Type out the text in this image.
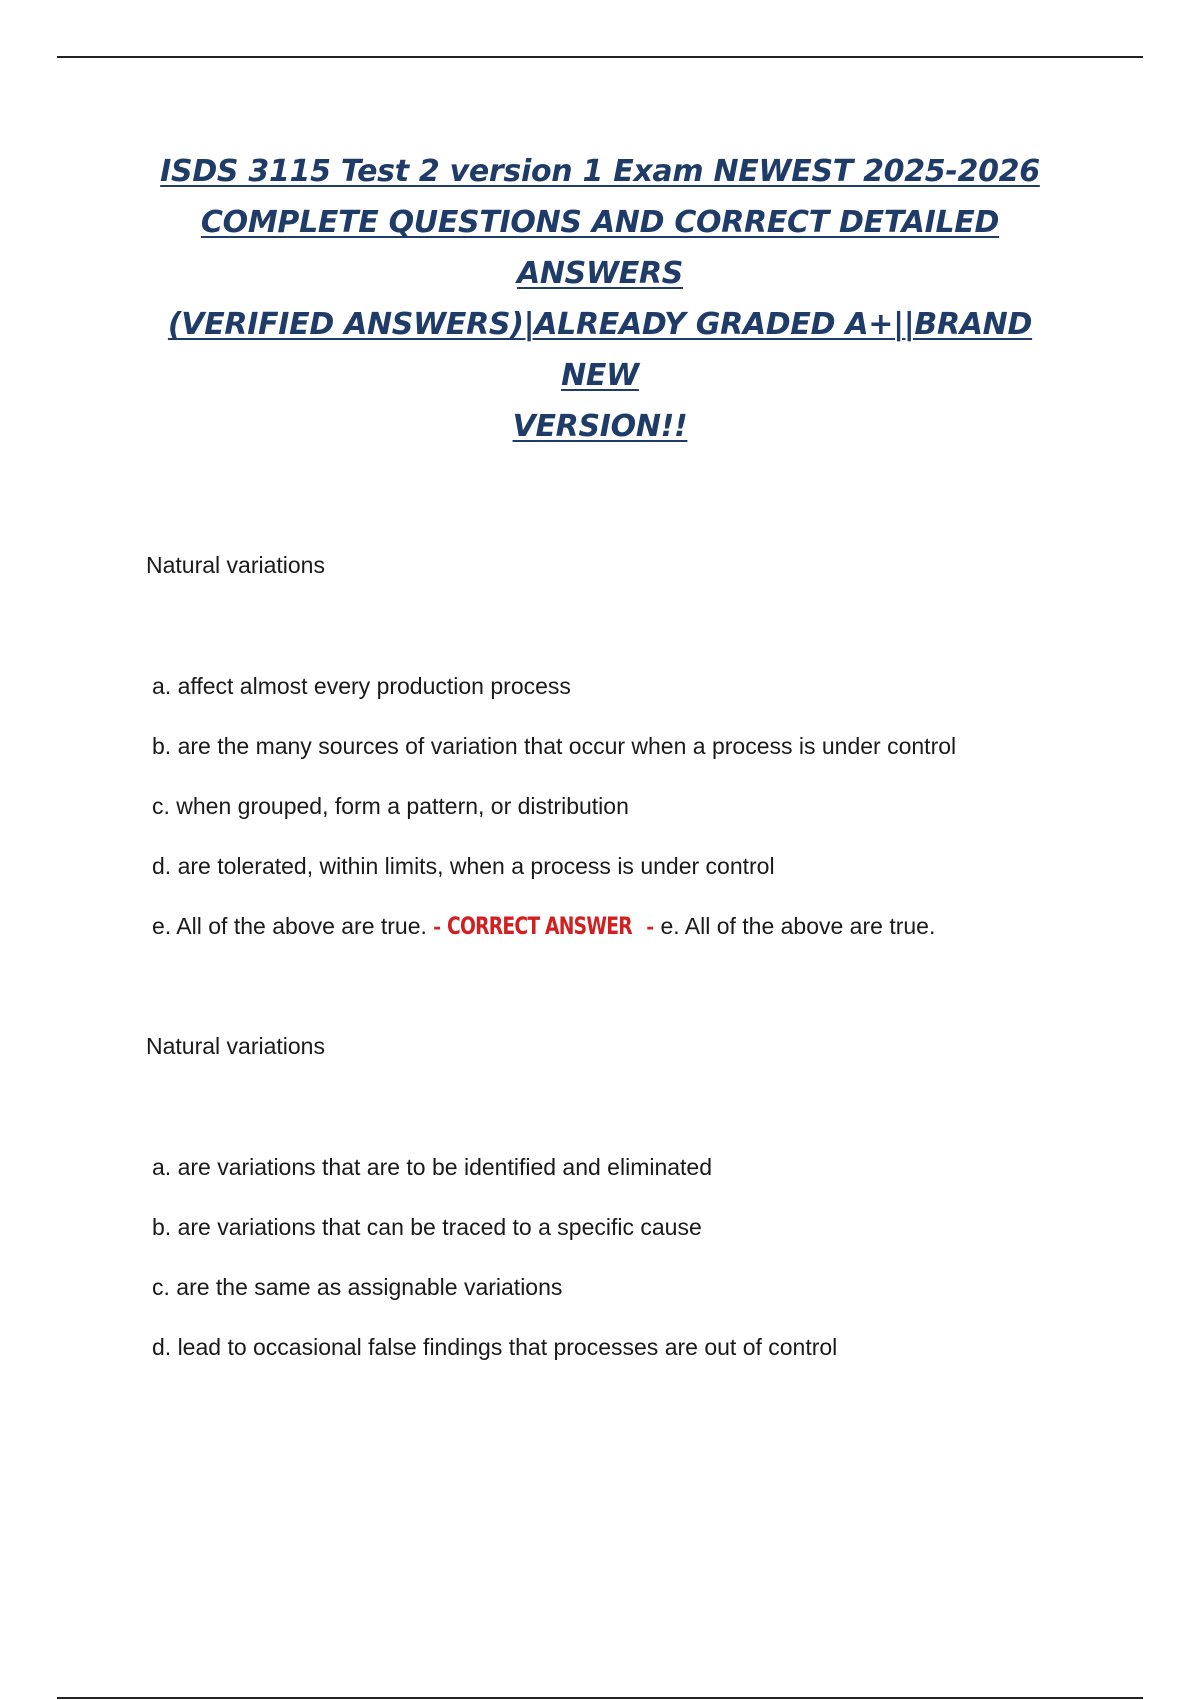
ISDS 3115 Test 2 version 1 Exam NEWEST 2025-2026
COMPLETE QUESTIONS AND CORRECT DETAILED ANSWERS
(VERIFIED ANSWERS)|ALREADY GRADED A+||BRAND NEW
VERSION!!
Natural variations
a. affect almost every production process
b. are the many sources of variation that occur when a process is under control
c. when grouped, form a pattern, or distribution
d. are tolerated, within limits, when a process is under control
e. All of the above are true. - CORRECT ANSWER - e. All of the above are true.
Natural variations
a. are variations that are to be identified and eliminated
b. are variations that can be traced to a specific cause
c. are the same as assignable variations
d. lead to occasional false findings that processes are out of control
